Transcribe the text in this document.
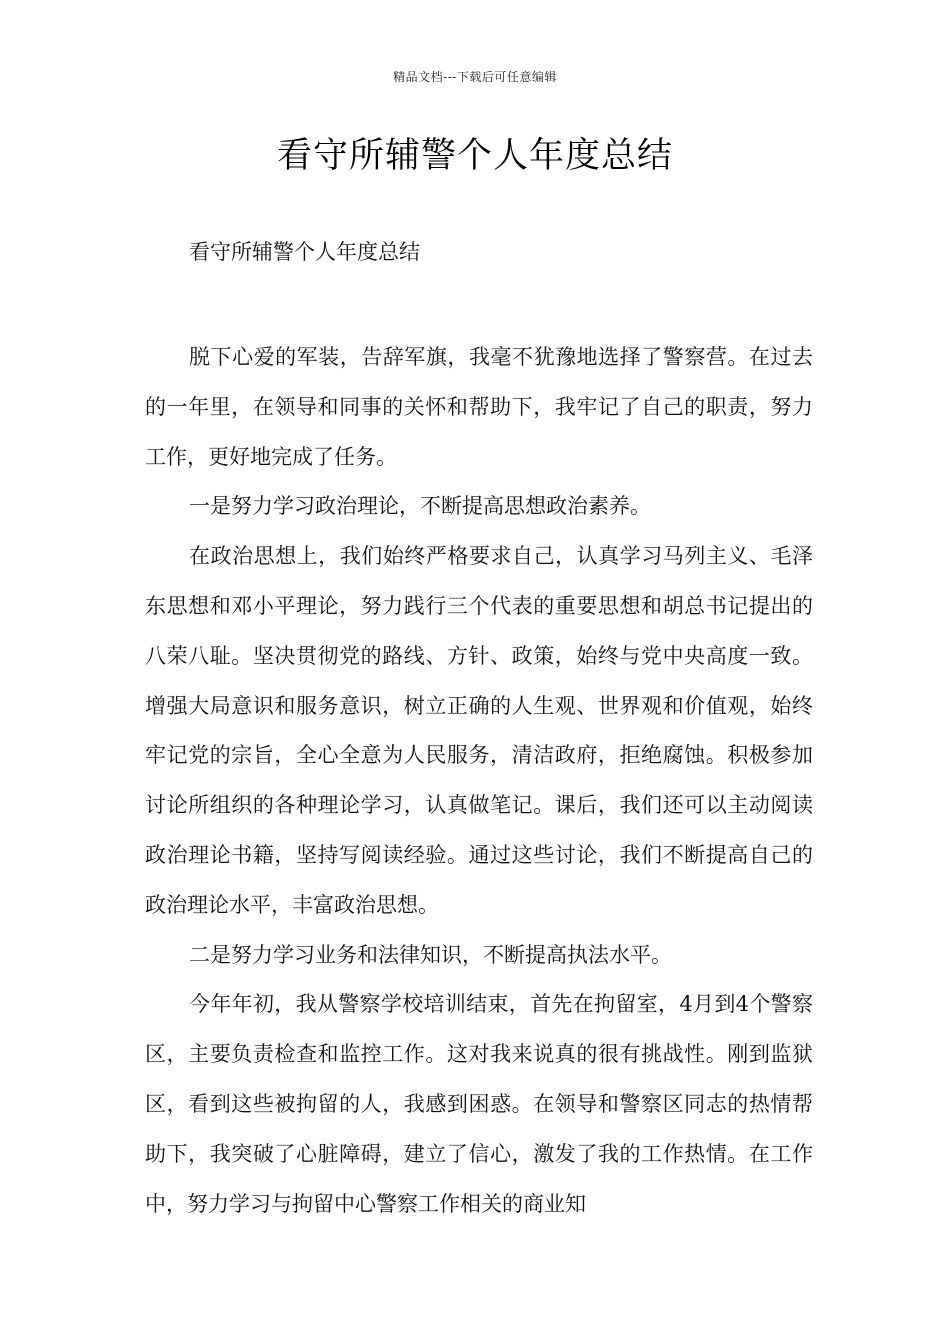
精品文档---下载后可任意编辑
看守所辅警个人年度总结

看守所辅警个人年度总结

脱下心爱的军装，告辞军旗，我毫不犹豫地选择了警察营。在过去的一年里，在领导和同事的关怀和帮助下，我牢记了自己的职责，努力工作，更好地完成了任务。

一是努力学习政治理论，不断提高思想政治素养。

在政治思想上，我们始终严格要求自己，认真学习马列主义、毛泽东思想和邓小平理论，努力践行三个代表的重要思想和胡总书记提出的八荣八耻。坚决贯彻党的路线、方针、政策，始终与党中央高度一致。增强大局意识和服务意识，树立正确的人生观、世界观和价值观，始终牢记党的宗旨，全心全意为人民服务，清洁政府，拒绝腐蚀。积极参加讨论所组织的各种理论学习，认真做笔记。课后，我们还可以主动阅读政治理论书籍，坚持写阅读经验。通过这些讨论，我们不断提高自己的政治理论水平，丰富政治思想。

二是努力学习业务和法律知识，不断提高执法水平。

今年年初，我从警察学校培训结束，首先在拘留室，4月到4个警察区，主要负责检查和监控工作。这对我来说真的很有挑战性。刚到监狱区，看到这些被拘留的人，我感到困惑。在领导和警察区同志的热情帮助下，我突破了心脏障碍，建立了信心，激发了我的工作热情。在工作中，努力学习与拘留中心警察工作相关的商业知
